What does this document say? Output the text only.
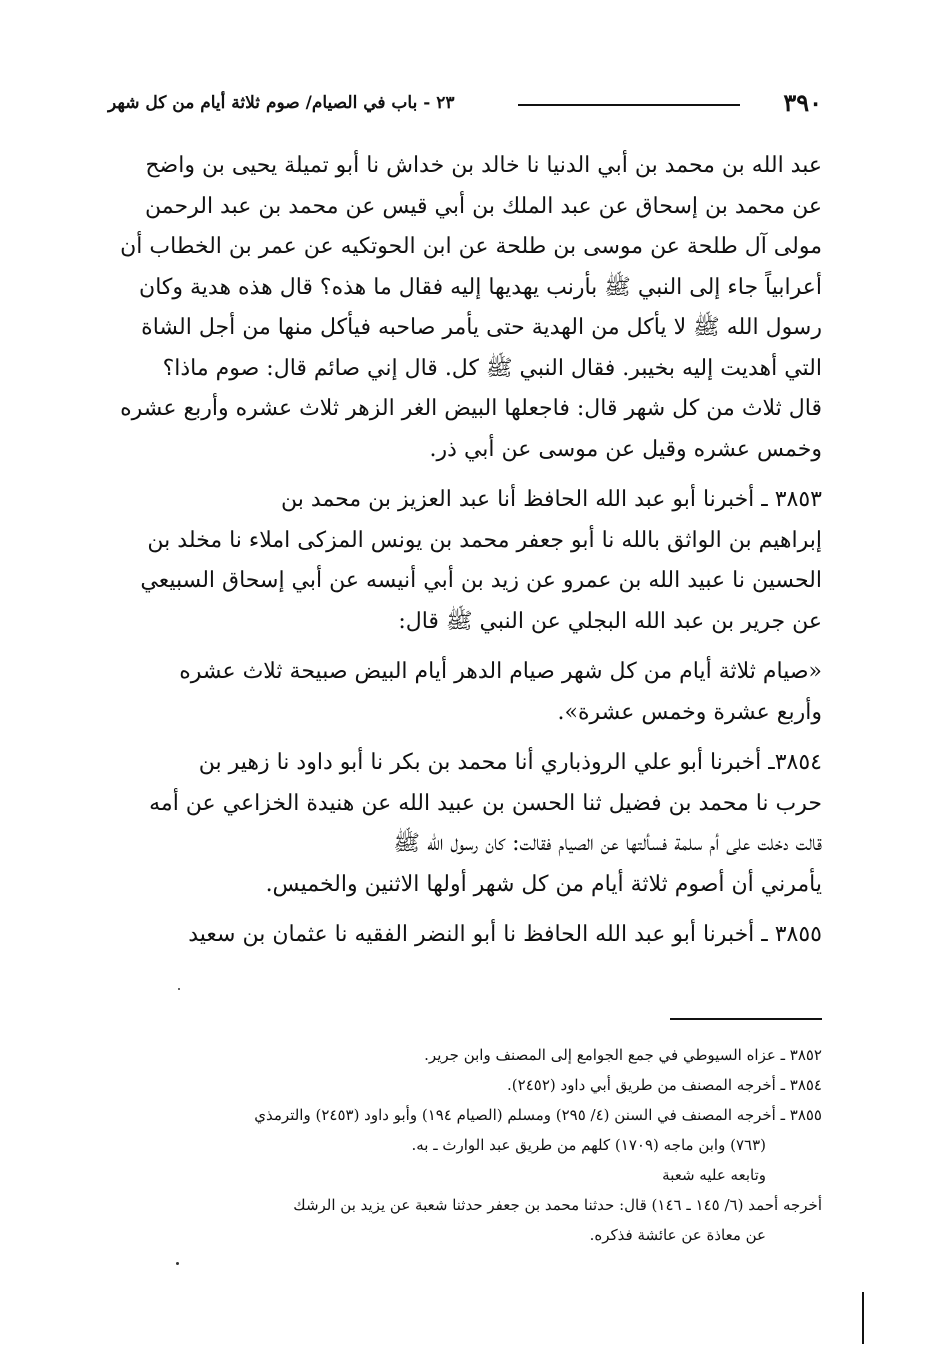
٣٩٠
٢٣ - باب في الصيام/ صوم ثلاثة أيام من كل شهر

عبد الله بن محمد بن أبي الدنيا نا خالد بن خداش نا أبو تميلة يحيى بن واضح
عن محمد بن إسحاق عن عبد الملك بن أبي قيس عن محمد بن عبد الرحمن
مولى آل طلحة عن موسى بن طلحة عن ابن الحوتكيه عن عمر بن الخطاب أن
أعرابياً جاء إلى النبي ﷺ بأرنب يهديها إليه فقال ما هذه؟ قال هذه هدية وكان
رسول الله ﷺ لا يأكل من الهدية حتى يأمر صاحبه فيأكل منها من أجل الشاة
التي أهديت إليه بخيبر. فقال النبي ﷺ كل. قال إني صائم قال: صوم ماذا؟
قال ثلاث من كل شهر قال: فاجعلها البيض الغر الزهر ثلاث عشره وأربع عشره
وخمس عشره وقيل عن موسى عن أبي ذر.

٣٨٥٣ ـ أخبرنا أبو عبد الله الحافظ أنا عبد العزيز بن محمد بن
إبراهيم بن الواثق بالله نا أبو جعفر محمد بن يونس المزكى املاء نا مخلد بن
الحسين نا عبيد الله بن عمرو عن زيد بن أبي أنيسه عن أبي إسحاق السبيعي
عن جرير بن عبد الله البجلي عن النبي ﷺ قال:

«صيام ثلاثة أيام من كل شهر صيام الدهر أيام البيض صبيحة ثلاث عشره
وأربع عشرة وخمس عشرة».

٣٨٥٤ـ أخبرنا أبو علي الروذباري أنا محمد بن بكر نا أبو داود نا زهير بن
حرب نا محمد بن فضيل ثنا الحسن بن عبيد الله عن هنيدة الخزاعي عن أمه
قالت دخلت على أم سلمة فسألتها عن الصيام فقالت: كان رسول الله ﷺ
يأمرني أن أصوم ثلاثة أيام من كل شهر أولها الاثنين والخميس.

٣٨٥٥ ـ أخبرنا أبو عبد الله الحافظ نا أبو النضر الفقيه نا عثمان بن سعيد

٣٨٥٢ ـ عزاه السيوطي في جمع الجوامع إلى المصنف وابن جرير.

٣٨٥٤ ـ أخرجه المصنف من طريق أبي داود (٢٤٥٢).

٣٨٥٥ ـ أخرجه المصنف في السنن (٤/ ٢٩٥) ومسلم (الصيام ١٩٤) وأبو داود (٢٤٥٣) والترمذي

(٧٦٣) وابن ماجه (١٧٠٩) كلهم من طريق عبد الوارث ـ به.

وتابعه عليه شعبة

أخرجه أحمد (٦/ ١٤٥ ـ ١٤٦) قال: حدثنا محمد بن جعفر حدثنا شعبة عن يزيد بن الرشك

عن معاذة عن عائشة فذكره.
